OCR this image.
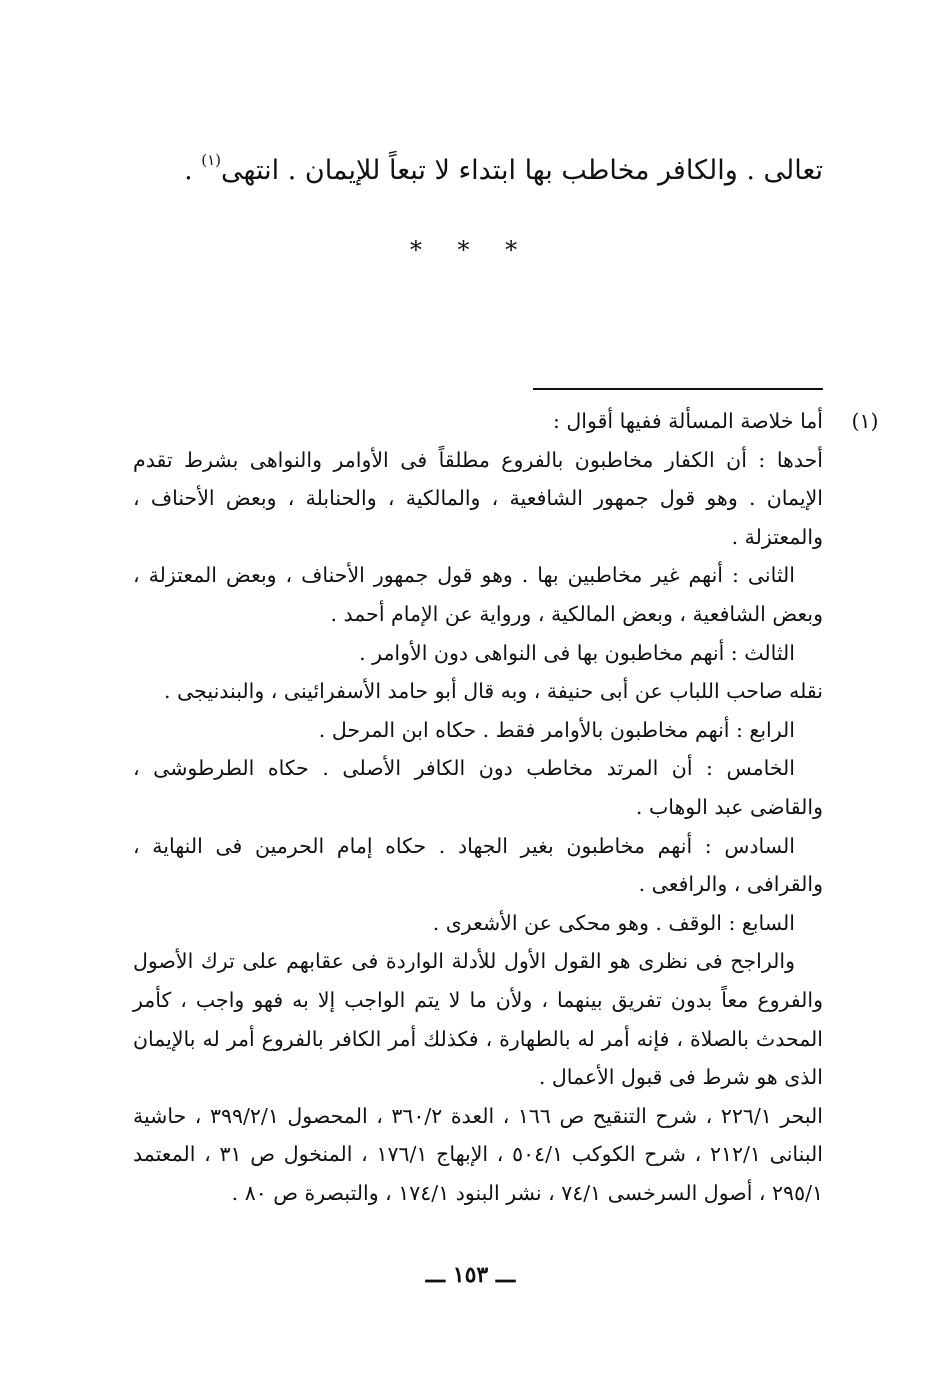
تعالى . والكافر مخاطب بها ابتداء لا تبعاً للإيمان . انتهى$^{(١)}$ .
* * *
(١)

أما خلاصة المسألة ففيها أقوال :

أحدها : أن الكفار مخاطبون بالفروع مطلقاً فى الأوامر والنواهى بشرط تقدم الإيمان . وهو قول جمهور الشافعية ، والمالكية ، والحنابلة ، وبعض الأحناف ، والمعتزلة .

الثانى : أنهم غير مخاطبين بها . وهو قول جمهور الأحناف ، وبعض المعتزلة ، وبعض الشافعية ، وبعض المالكية ، ورواية عن الإمام أحمد .

الثالث : أنهم مخاطبون بها فى النواهى دون الأوامر .

نقله صاحب اللباب عن أبى حنيفة ، وبه قال أبو حامد الأسفرائينى ، والبندنيجى .

الرابع : أنهم مخاطبون بالأوامر فقط . حكاه ابن المرحل .

الخامس : أن المرتد مخاطب دون الكافر الأصلى . حكاه الطرطوشى ، والقاضى عبد الوهاب .

السادس : أنهم مخاطبون بغير الجهاد . حكاه إمام الحرمين فى النهاية ، والقرافى ، والرافعى .

السابع : الوقف . وهو محكى عن الأشعرى .

والراجح فى نظرى هو القول الأول للأدلة الواردة فى عقابهم على ترك الأصول والفروع معاً بدون تفريق بينهما ، ولأن ما لا يتم الواجب إلا به فهو واجب ، كأمر المحدث بالصلاة ، فإنه أمر له بالطهارة ، فكذلك أمر الكافر بالفروع أمر له بالإيمان الذى هو شرط فى قبول الأعمال .

البحر ٢٢٦/١ ، شرح التنقيح ص ١٦٦ ، العدة ٣٦٠/٢ ، المحصول ٣٩٩/٢/١ ، حاشية البنانى ٢١٢/١ ، شرح الكوكب ٥٠٤/١ ، الإبهاج ١٧٦/١ ، المنخول ص ٣١ ، المعتمد ٢٩٥/١ ، أصول السرخسى ٧٤/١ ، نشر البنود ١٧٤/١ ، والتبصرة ص ٨٠ .

ـــ ١٥٣ ـــ
